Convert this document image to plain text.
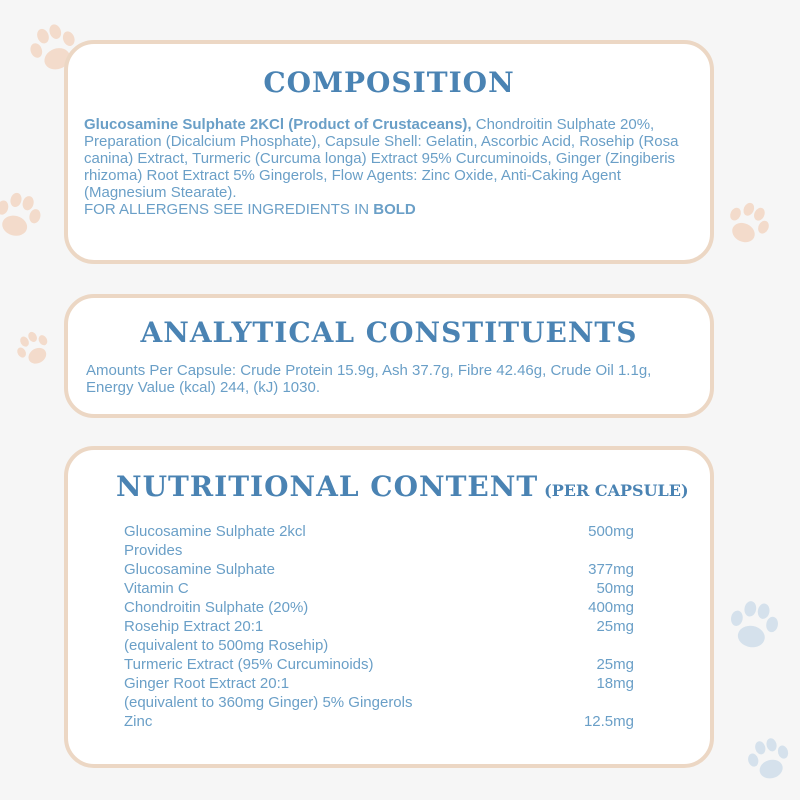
COMPOSITION
Glucosamine Sulphate 2KCl (Product of Crustaceans), Chondroitin Sulphate 20%, Preparation (Dicalcium Phosphate), Capsule Shell: Gelatin, Ascorbic Acid, Rosehip (Rosa canina) Extract, Turmeric (Curcuma longa) Extract 95% Curcuminoids, Ginger (Zingiberis rhizoma) Root Extract 5% Gingerols, Flow Agents: Zinc Oxide, Anti-Caking Agent (Magnesium Stearate).
FOR ALLERGENS SEE INGREDIENTS IN BOLD
ANALYTICAL CONSTITUENTS
Amounts Per Capsule: Crude Protein 15.9g, Ash 37.7g, Fibre 42.46g, Crude Oil 1.1g, Energy Value (kcal) 244, (kJ) 1030.
NUTRITIONAL CONTENT (PER CAPSULE)
Glucosamine Sulphate 2kcl	500mg
Provides
Glucosamine Sulphate	377mg
Vitamin C	50mg
Chondroitin Sulphate (20%)	400mg
Rosehip Extract 20:1	25mg
(equivalent to 500mg Rosehip)
Turmeric Extract (95% Curcuminoids)	25mg
Ginger Root Extract 20:1	18mg
(equivalent to 360mg Ginger) 5% Gingerols
Zinc	12.5mg
